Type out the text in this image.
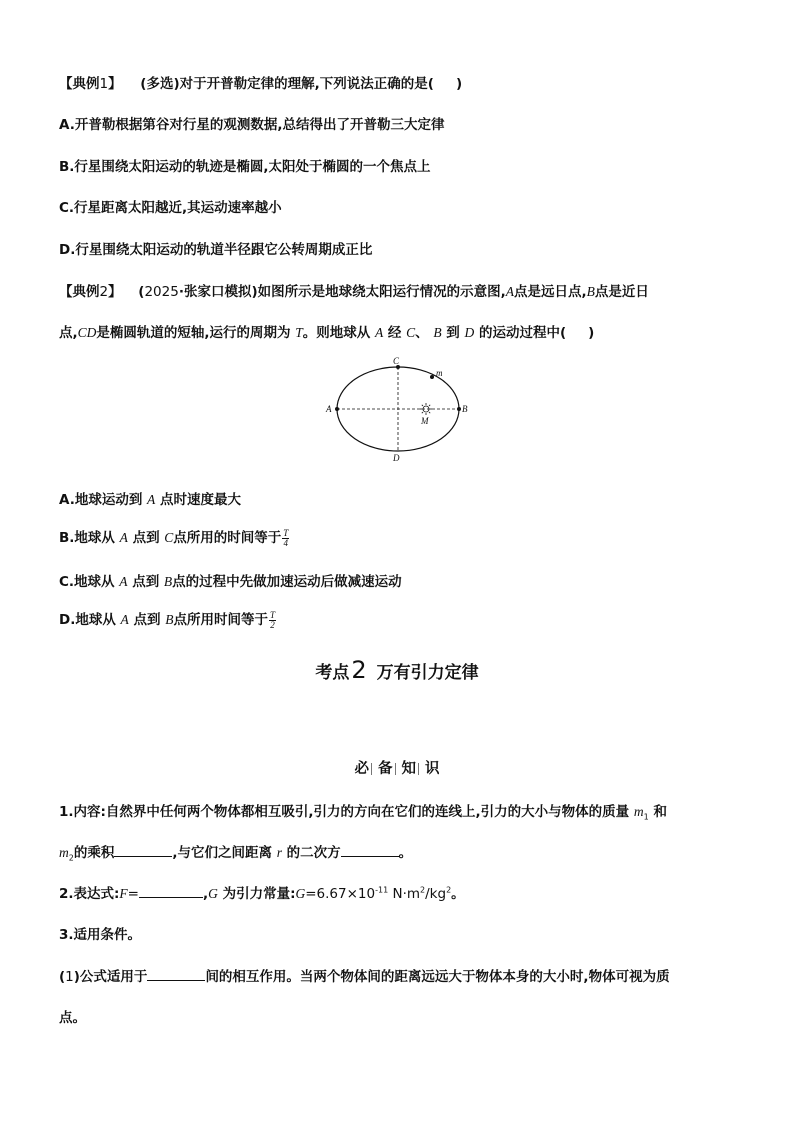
【典例1】 (多选)对于开普勒定律的理解,下列说法正确的是( )
A.开普勒根据第谷对行星的观测数据,总结得出了开普勒三大定律
B.行星围绕太阳运动的轨迹是椭圆,太阳处于椭圆的一个焦点上
C.行星距离太阳越近,其运动速率越小
D.行星围绕太阳运动的轨道半径跟它公转周期成正比
【典例2】 (2025·张家口模拟)如图所示是地球绕太阳运行情况的示意图,A点是远日点,B点是近日
点,CD是椭圆轨道的短轴,运行的周期为 T。则地球从 A 经 C、 B 到 D 的运动过程中( )
A	B
C
D
M
m
A.地球运动到 A 点时速度最大
B.地球从 A 点到 C点所用的时间等于 $\frac{T}{4}$
C.地球从 A 点到 B点的过程中先做加速运动后做减速运动
D.地球从 A 点到 B点所用时间等于 $\frac{T}{2}$
考点2 万有引力定律
必 备 知 识
1.内容:自然界中任何两个物体都相互吸引,引力的方向在它们的连线上,引力的大小与物体的质量 $m_1$ 和
$m_2$的乘积	,与它们之间距离 r 的二次方	。
2.表达式:F=	,G 为引力常量$:G=6.67\times 10^{-11}$ $N\cdot m^2/kg^2$。
3.适用条件。
(1)公式适用于	间的相互作用。当两个物体间的距离远远大于物体本身的大小时,物体可视为质
点。
